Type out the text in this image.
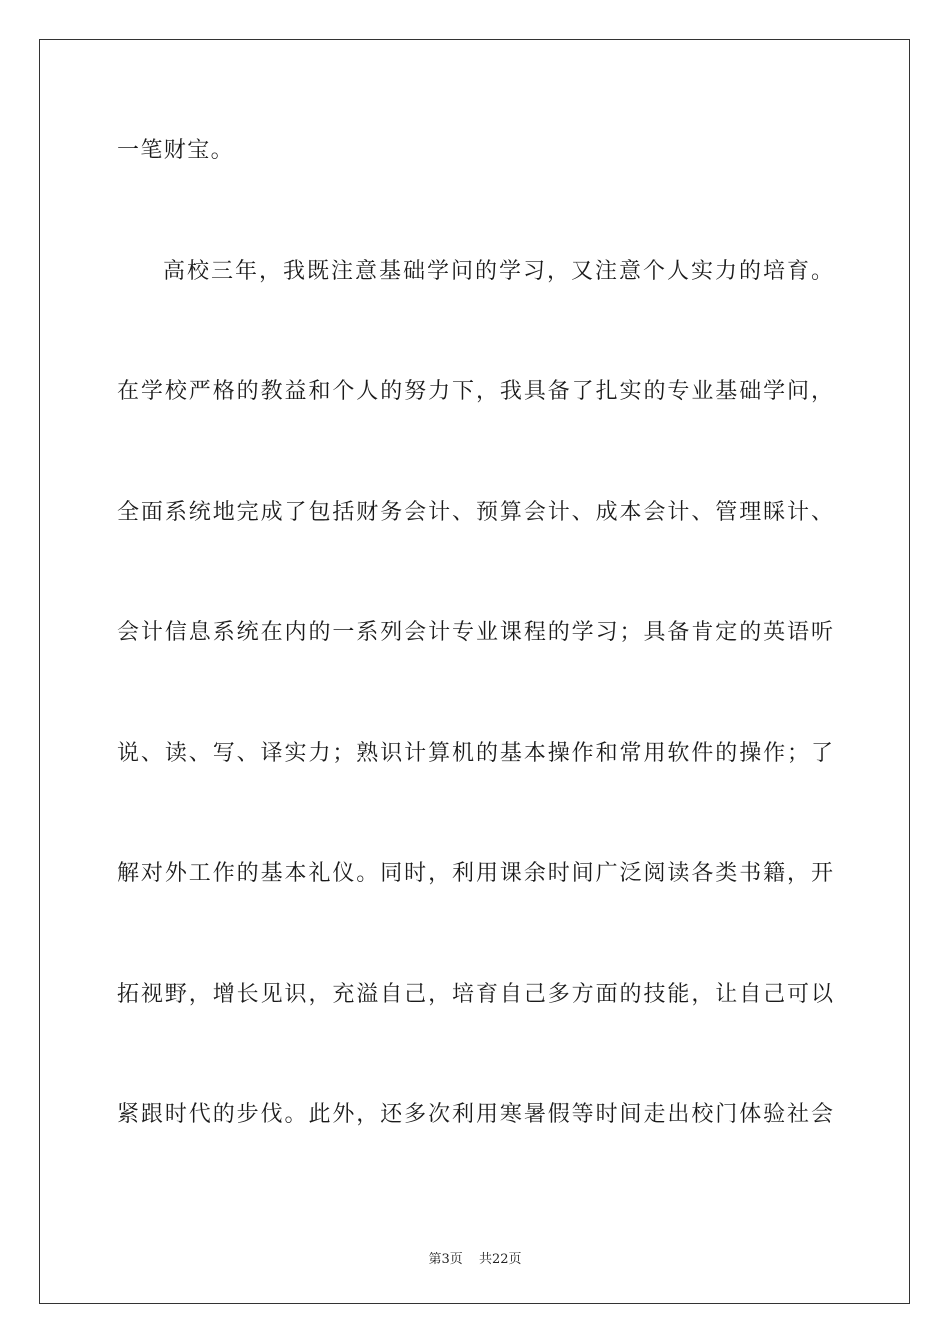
一笔财宝。
高校三年，我既注意基础学问的学习，又注意个人实力的培育。
在学校严格的教益和个人的努力下，我具备了扎实的专业基础学问，
全面系统地完成了包括财务会计、预算会计、成本会计、管理睬计、
会计信息系统在内的一系列会计专业课程的学习；具备肯定的英语听
说、读、写、译实力；熟识计算机的基本操作和常用软件的操作；了
解对外工作的基本礼仪。同时，利用课余时间广泛阅读各类书籍，开
拓视野，增长见识，充溢自己，培育自己多方面的技能，让自己可以
紧跟时代的步伐。此外，还多次利用寒暑假等时间走出校门体验社会
第3页 共22页
